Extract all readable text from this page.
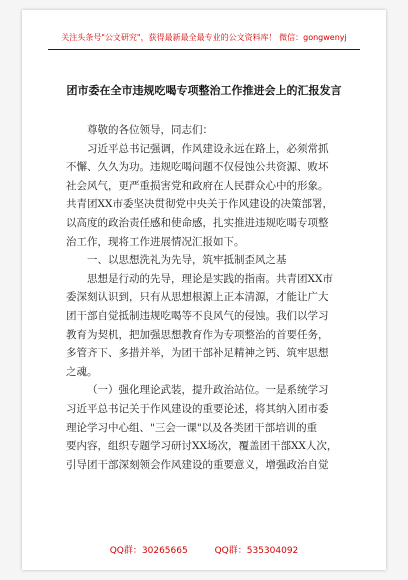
关注头条号"公文研究"，获得最新最全最专业的公文资料库！ 微信：gongwenyj
团市委在全市违规吃喝专项整治工作推进会上的汇报发言

尊敬的各位领导，同志们：

习近平总书记强调，作风建设永远在路上，必须常抓
不懈、久久为功。违规吃喝问题不仅侵蚀公共资源、败坏
社会风气，更严重损害党和政府在人民群众心中的形象。
共青团XX市委坚决贯彻党中央关于作风建设的决策部署，
以高度的政治责任感和使命感，扎实推进违规吃喝专项整
治工作，现将工作进展情况汇报如下。
一、以思想洗礼为先导，筑牢抵制歪风之基
思想是行动的先导，理论是实践的指南。共青团XX市
委深刻认识到，只有从思想根源上正本清源，才能让广大
团干部自觉抵制违规吃喝等不良风气的侵蚀。我们以学习
教育为契机，把加强思想教育作为专项整治的首要任务，
多管齐下、多措并举，为团干部补足精神之钙、筑牢思想
之魂。
（一）强化理论武装，提升政治站位。一是系统学习
习近平总书记关于作风建设的重要论述，将其纳入团市委
理论学习中心组、"三会一课"以及各类团干部培训的重
要内容，组织专题学习研讨XX场次，覆盖团干部XX人次，
引导团干部深刻领会作风建设的重要意义，增强政治自觉
QQ群：30265665	QQ群：535304092
